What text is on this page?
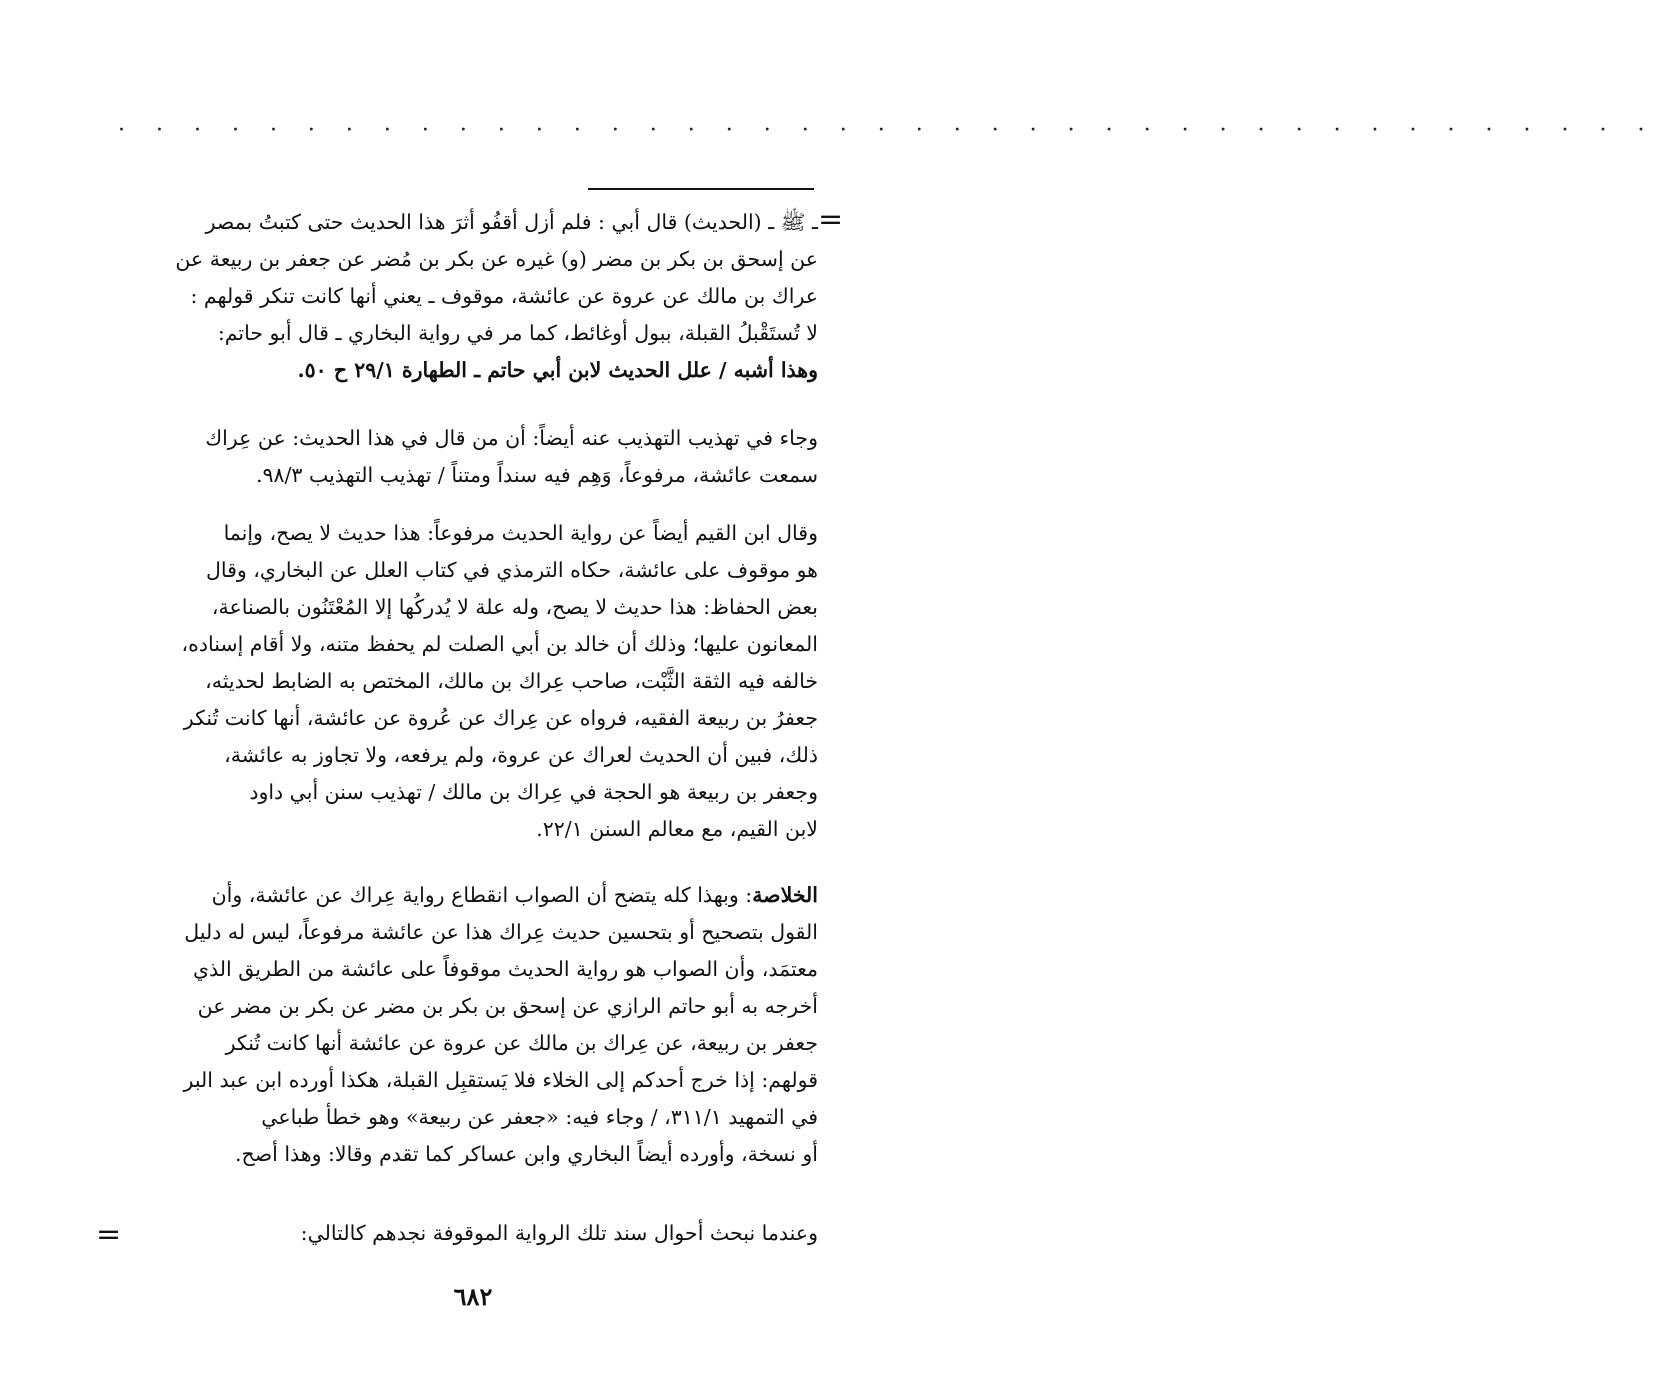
· · · · · · · · · · · · · · · · · · · · · · · · · · · · · · · · · · · · · · · · ·
=
ـ ﷺ ـ (الحديث) قال أبي : فلم أزل أقفُو أثرَ هذا الحديث حتى كتبتُ بمصر
عن إسحق بن بكر بن مضر (و) غيره عن بكر بن مُضر عن جعفر بن ربيعة عن
عراك بن مالك عن عروة عن عائشة، موقوف ـ يعني أنها كانت تنكر قولهم :
لا تُستَقْبلُ القبلة، ببول أوغائط، كما مر في رواية البخاري ـ قال أبو حاتم:
وهذا أشبه / علل الحديث لابن أبي حاتم ـ الطهارة ٢٩/١ ح ٥٠.
وجاء في تهذيب التهذيب عنه أيضاً: أن من قال في هذا الحديث: عن عِراك
سمعت عائشة، مرفوعاً، وَهِم فيه سنداً ومتناً / تهذيب التهذيب ٩٨/٣.
وقال ابن القيم أيضاً عن رواية الحديث مرفوعاً: هذا حديث لا يصح، وإنما
هو موقوف على عائشة، حكاه الترمذي في كتاب العلل عن البخاري، وقال
بعض الحفاظ: هذا حديث لا يصح، وله علة لا يُدركُها إلا المُعْتَنُون بالصناعة،
المعانون عليها؛ وذلك أن خالد بن أبي الصلت لم يحفظ متنه، ولا أقام إسناده،
خالفه فيه الثقة الثَّبْت، صاحب عِراك بن مالك، المختص به الضابط لحديثه،
جعفرُ بن ربيعة الفقيه، فرواه عن عِراك عن عُروة عن عائشة، أنها كانت تُنكر
ذلك، فبين أن الحديث لعراك عن عروة، ولم يرفعه، ولا تجاوز به عائشة،
وجعفر بن ربيعة هو الحجة في عِراك بن مالك / تهذيب سنن أبي داود
لابن القيم، مع معالم السنن ٢٢/١.
الخلاصة: وبهذا كله يتضح أن الصواب انقطاع رواية عِراك عن عائشة، وأن
القول بتصحيح أو بتحسين حديث عِراك هذا عن عائشة مرفوعاً، ليس له دليل
معتمَد، وأن الصواب هو رواية الحديث موقوفاً على عائشة من الطريق الذي
أخرجه به أبو حاتم الرازي عن إسحق بن بكر بن مضر عن بكر بن مضر عن
جعفر بن ربيعة، عن عِراك بن مالك عن عروة عن عائشة أنها كانت تُنكر
قولهم: إذا خرج أحدكم إلى الخلاء فلا يَستقبِل القبلة، هكذا أورده ابن عبد البر
في التمهيد ٣١١/١، / وجاء فيه: «جعفر عن ربيعة» وهو خطأ طباعي
أو نسخة، وأورده أيضاً البخاري وابن عساكر كما تقدم وقالا: وهذا أصح.
وعندما نبحث أحوال سند تلك الرواية الموقوفة نجدهم كالتالي:
=
٦٨٢
